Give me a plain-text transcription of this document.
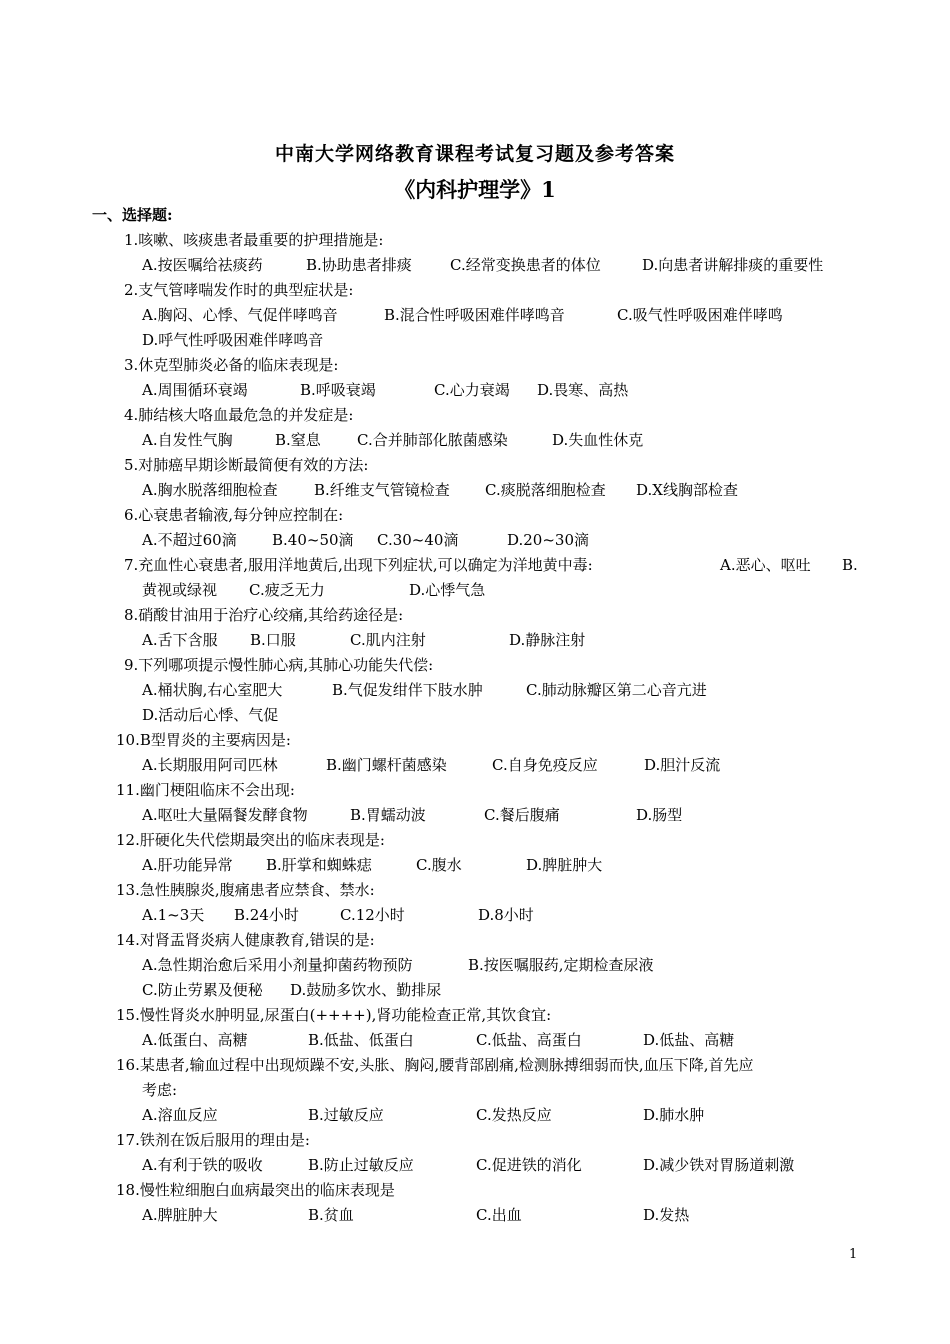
中南大学网络教育课程考试复习题及参考答案
《内科护理学》1
一、选择题:
1.咳嗽、咳痰患者最重要的护理措施是:
A.按医嘱给祛痰药	B.协助患者排痰	C.经常变换患者的体位	D.向患者讲解排痰的重要性
2.支气管哮喘发作时的典型症状是:
A.胸闷、心悸、气促伴哮鸣音	B.混合性呼吸困难伴哮鸣音	C.吸气性呼吸困难伴哮鸣
D.呼气性呼吸困难伴哮鸣音
3.休克型肺炎必备的临床表现是:
A.周围循环衰竭	B.呼吸衰竭	C.心力衰竭 D.畏寒、高热
4.肺结核大咯血最危急的并发症是:
A.自发性气胸	B.窒息 C.合并肺部化脓菌感染	D.失血性休克
5.对肺癌早期诊断最简便有效的方法:
A.胸水脱落细胞检查 B.纤维支气管镜检查 C.痰脱落细胞检查 D.X线胸部检查
6.心衰患者输液,每分钟应控制在:
A.不超过60滴 B.40~50滴 C.30~40滴	D.20~30滴
7.充血性心衰患者,服用洋地黄后,出现下列症状,可以确定为洋地黄中毒:	A.恶心、呕吐 B.
黄视或绿视 C.疲乏无力	D.心悸气急
8.硝酸甘油用于治疗心绞痛,其给药途径是:
A.舌下含服 B.口服	C.肌内注射	D.静脉注射
9.下列哪项提示慢性肺心病,其肺心功能失代偿:
A.桶状胸,右心室肥大	B.气促发绀伴下肢水肿	C.肺动脉瓣区第二心音亢进
D.活动后心悸、气促
10.B型胃炎的主要病因是:
A.长期服用阿司匹林	B.幽门螺杆菌感染	C.自身免疫反应	D.胆汁反流
11.幽门梗阻临床不会出现:
A.呕吐大量隔餐发酵食物	B.胃蠕动波	C.餐后腹痛	D.肠型
12.肝硬化失代偿期最突出的临床表现是:
A.肝功能异常 B.肝掌和蜘蛛痣	C.腹水	D.脾脏肿大
13.急性胰腺炎,腹痛患者应禁食、禁水:
A.1~3天 B.24小时	C.12小时	D.8小时
14.对肾盂肾炎病人健康教育,错误的是:
A.急性期治愈后采用小剂量抑菌药物预防	B.按医嘱服药,定期检查尿液
C.防止劳累及便秘 D.鼓励多饮水、勤排尿
15.慢性肾炎水肿明显,尿蛋白(++++),肾功能检查正常,其饮食宜:
A.低蛋白、高糖	B.低盐、低蛋白	C.低盐、高蛋白	D.低盐、高糖
16.某患者,输血过程中出现烦躁不安,头胀、胸闷,腰背部剧痛,检测脉搏细弱而快,血压下降,首先应
考虑:
A.溶血反应	B.过敏反应	C.发热反应	D.肺水肿
17.铁剂在饭后服用的理由是:
A.有利于铁的吸收	B.防止过敏反应	C.促进铁的消化	D.减少铁对胃肠道刺激
18.慢性粒细胞白血病最突出的临床表现是
A.脾脏肿大	B.贫血	C.出血	D.发热
1
